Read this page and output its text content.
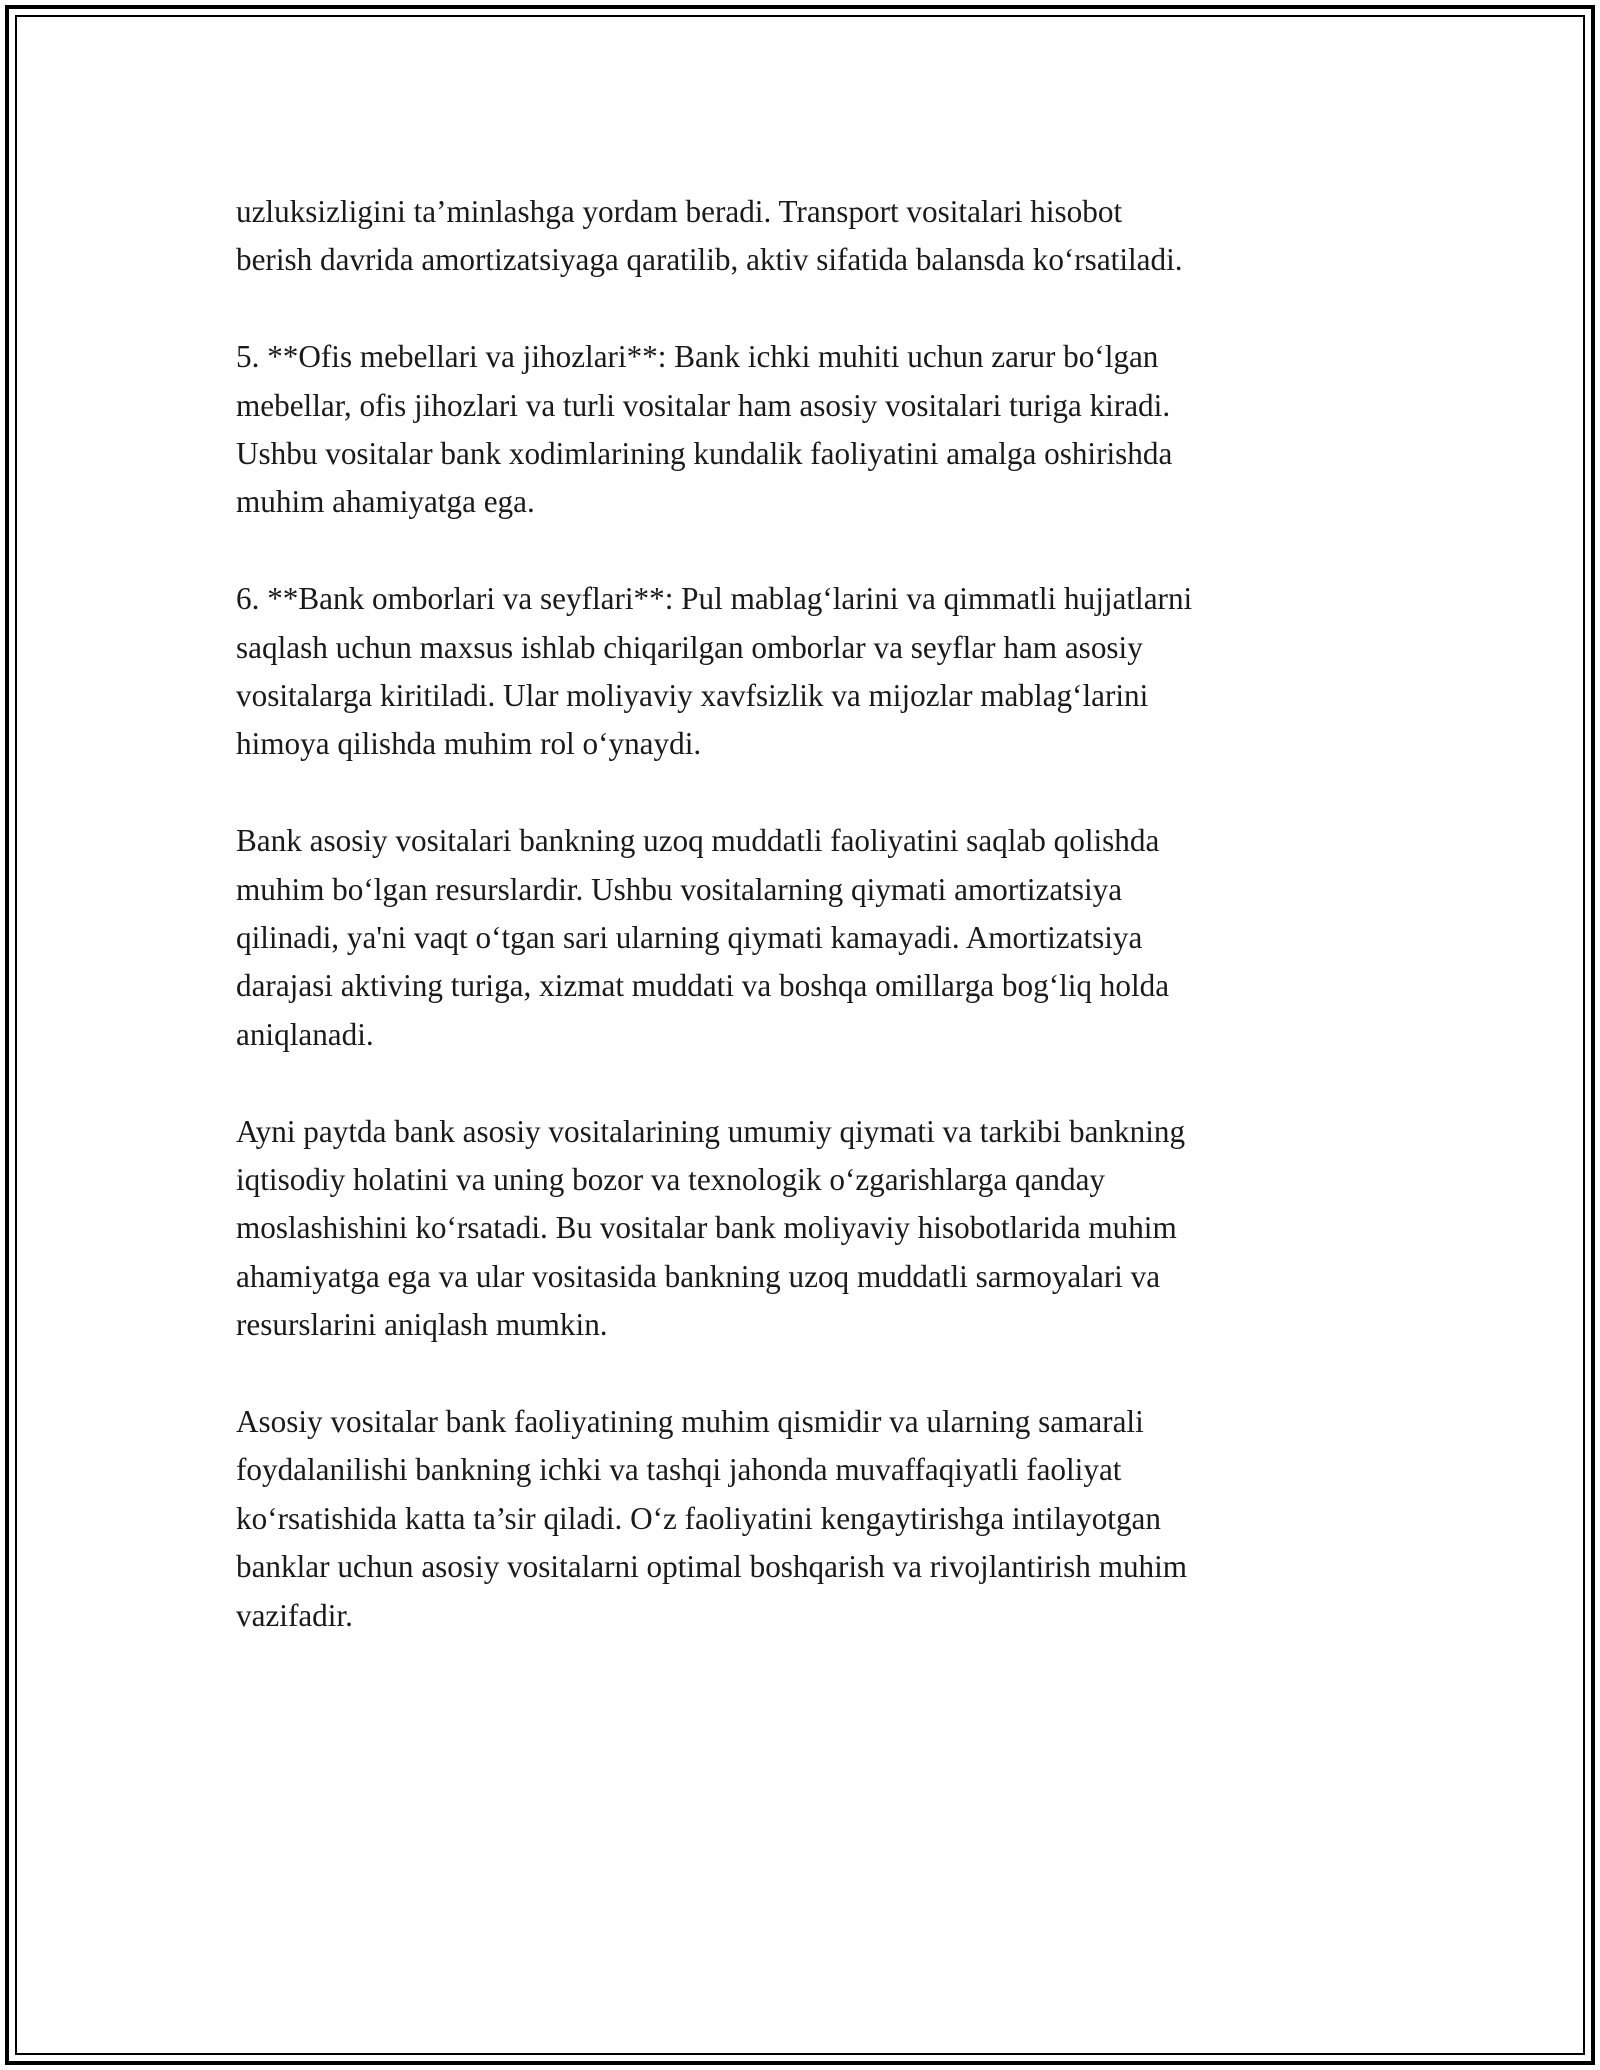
uzluksizligini ta’minlashga yordam beradi. Transport vositalari hisobot
berish davrida amortizatsiyaga qaratilib, aktiv sifatida balansda ko‘rsatiladi.

5. **Ofis mebellari va jihozlari**: Bank ichki muhiti uchun zarur bo‘lgan
mebellar, ofis jihozlari va turli vositalar ham asosiy vositalari turiga kiradi.
Ushbu vositalar bank xodimlarining kundalik faoliyatini amalga oshirishda
muhim ahamiyatga ega.

6. **Bank omborlari va seyflari**: Pul mablag‘larini va qimmatli hujjatlarni
saqlash uchun maxsus ishlab chiqarilgan omborlar va seyflar ham asosiy
vositalarga kiritiladi. Ular moliyaviy xavfsizlik va mijozlar mablag‘larini
himoya qilishda muhim rol o‘ynaydi.

Bank asosiy vositalari bankning uzoq muddatli faoliyatini saqlab qolishda
muhim bo‘lgan resurslardir. Ushbu vositalarning qiymati amortizatsiya
qilinadi, ya'ni vaqt o‘tgan sari ularning qiymati kamayadi. Amortizatsiya
darajasi aktiving turiga, xizmat muddati va boshqa omillarga bog‘liq holda
aniqlanadi.

Ayni paytda bank asosiy vositalarining umumiy qiymati va tarkibi bankning
iqtisodiy holatini va uning bozor va texnologik o‘zgarishlarga qanday
moslashishini ko‘rsatadi. Bu vositalar bank moliyaviy hisobotlarida muhim
ahamiyatga ega va ular vositasida bankning uzoq muddatli sarmoyalari va
resurslarini aniqlash mumkin.

Asosiy vositalar bank faoliyatining muhim qismidir va ularning samarali
foydalanilishi bankning ichki va tashqi jahonda muvaffaqiyatli faoliyat
ko‘rsatishida katta ta’sir qiladi. O‘z faoliyatini kengaytirishga intilayotgan
banklar uchun asosiy vositalarni optimal boshqarish va rivojlantirish muhim
vazifadir.
